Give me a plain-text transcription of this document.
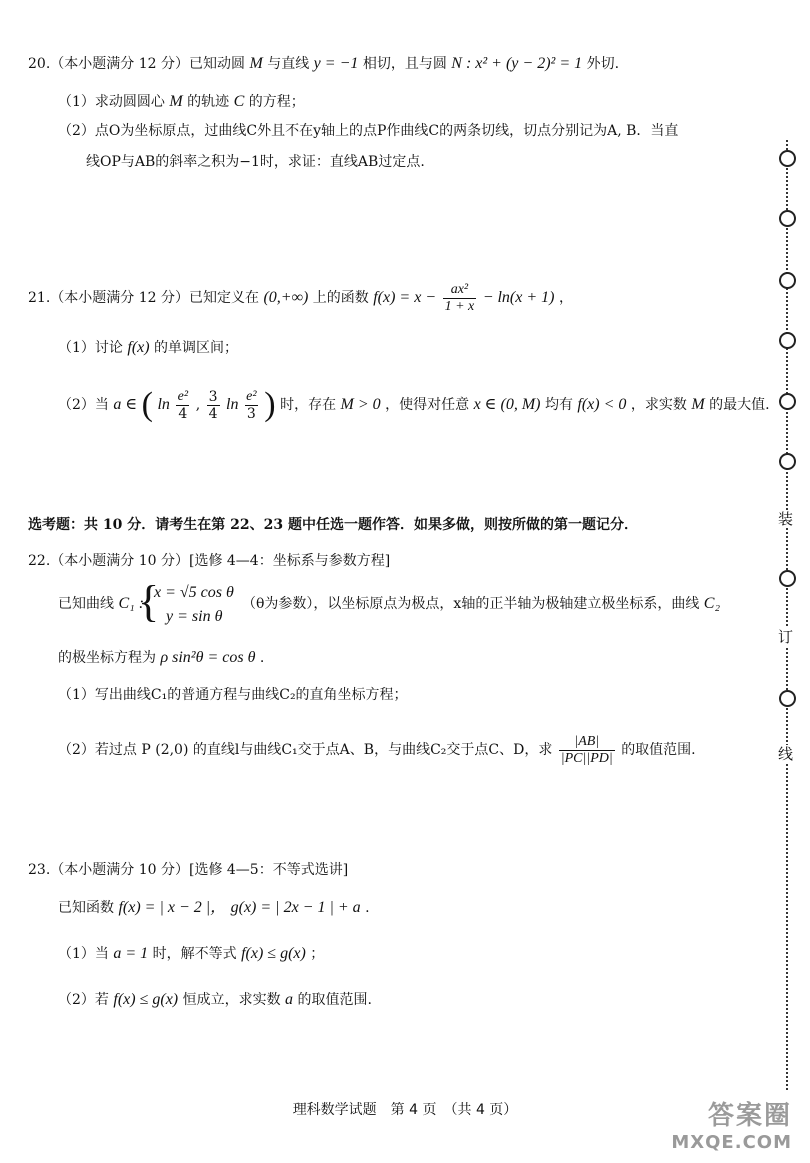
20.（本小题满分 12 分）已知动圆 M 与直线 y = −1 相切，且与圆 N : x² + (y − 2)² = 1 外切.
（1）求动圆圆心 M 的轨迹 C 的方程；
（2）点O为坐标原点，过曲线C外且不在y轴上的点P作曲线C的两条切线，切点分别记为A, B．当直
线OP与AB的斜率之积为−1时，求证：直线AB过定点.
21.（本小题满分 12 分）已知定义在 (0,+∞) 上的函数 $f(x) = x - \frac{\text{ax²}}{1 + x} - \ln(x + 1)$ ，
（1）讨论 f(x) 的单调区间；
（2）当 a ∈ ( $\ln \frac{\text{e²}}{4}$ , $\frac{3}{4}$ $\ln \frac{\text{e²}}{3}$ ) 时，存在 M > 0 ，使得对任意 x ∈ (0, M) 均有 f(x) < 0 ，求实数 M 的最大值.
选考题：共 10 分．请考生在第 22、23 题中任选一题作答．如果多做，则按所做的第一题记分．
22.（本小题满分 10 分）[选修 4—4：坐标系与参数方程]
已知曲线 C₁ :
{
x = √5 cos θ
y = sin θ
（θ为参数），以坐标原点为极点，x轴的正半轴为极轴建立极坐标系，曲线 C₂
的极坐标方程为 ρ sin²θ = cos θ .
（1）写出曲线C₁的普通方程与曲线C₂的直角坐标方程；
（2）若过点 P (2,0) 的直线l与曲线C₁交于点A、B，与曲线C₂交于点C、D，求 $\frac{|AB|}{|PC||PD|}$ 的取值范围.
23.（本小题满分 10 分）[选修 4—5：不等式选讲]
已知函数 f(x) = | x − 2 |， g(x) = | 2x − 1 | + a .
（1）当 a = 1 时，解不等式 f(x) ≤ g(x) ；
（2）若 f(x) ≤ g(x) 恒成立，求实数 a 的取值范围.
装
订
线
理科数学试题　第 4 页　（共 4 页）	答案圈
MXQE.COM
